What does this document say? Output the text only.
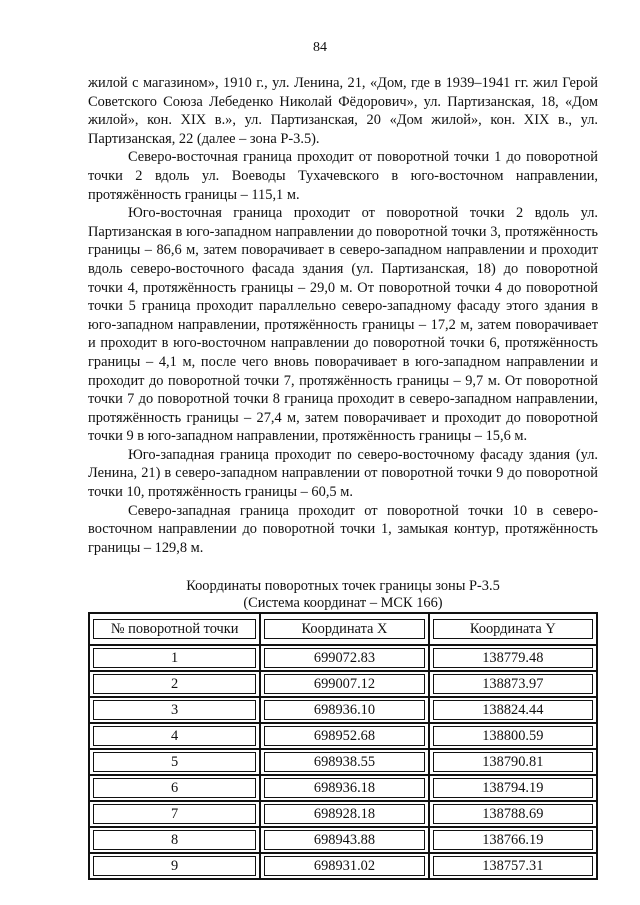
84

жилой с магазином», 1910 г., ул. Ленина, 21, «Дом, где в 1939–1941 гг. жил Герой Советского Союза Лебеденко Николай Фёдорович», ул. Партизанская, 18, «Дом жилой», кон. XIX в.», ул. Партизанская, 20 «Дом жилой», кон. XIX в., ул. Партизанская, 22 (далее – зона Р-3.5).

Северо-восточная граница проходит от поворотной точки 1 до поворотной точки 2 вдоль ул. Воеводы Тухачевского в юго-восточном направлении, протяжённость границы – 115,1 м.

Юго-восточная граница проходит от поворотной точки 2 вдоль ул. Партизанская в юго-западном направлении до поворотной точки 3, протяжённость границы – 86,6 м, затем поворачивает в северо-западном направлении и проходит вдоль северо-восточного фасада здания (ул. Партизанская, 18) до поворотной точки 4, протяжённость границы – 29,0 м. От поворотной точки 4 до поворотной точки 5 граница проходит параллельно северо-западному фасаду этого здания в юго-западном направлении, протяжённость границы – 17,2 м, затем поворачивает и проходит в юго-восточном направлении до поворотной точки 6, протяжённость границы – 4,1 м, после чего вновь поворачивает в юго-западном направлении и проходит до поворотной точки 7, протяжённость границы – 9,7 м. От поворотной точки 7 до поворотной точки 8 граница проходит в северо-западном направлении, протяжённость границы – 27,4 м, затем поворачивает и проходит до поворотной точки 9 в юго-западном направлении, протяжённость границы – 15,6 м.

Юго-западная граница проходит по северо-восточному фасаду здания (ул. Ленина, 21) в северо-западном направлении от поворотной точки 9 до поворотной точки 10, протяжённость границы – 60,5 м.

Северо-западная граница проходит от поворотной точки 10 в северо-восточном направлении до поворотной точки 1, замыкая контур, протяжённость границы – 129,8 м.

Координаты поворотных точек границы зоны Р-3.5
(Система координат – МСК 166)
№ поворотной точки	Координата X	Координата Y

1	699072.83	138779.48

2	699007.12	138873.97

3	698936.10	138824.44

4	698952.68	138800.59

5	698938.55	138790.81

6	698936.18	138794.19

7	698928.18	138788.69

8	698943.88	138766.19

9	698931.02	138757.31
